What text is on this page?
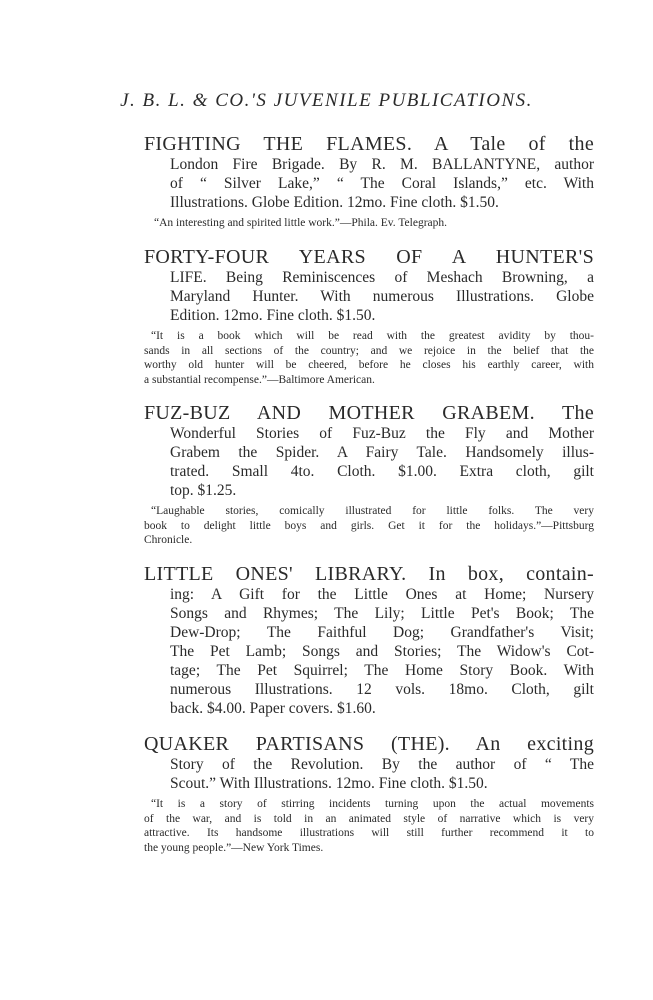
J. B. L. & CO.'S JUVENILE PUBLICATIONS.
FIGHTING THE FLAMES. A Tale of the
London Fire Brigade. By R. M. BALLANTYNE, author
of “ Silver Lake,” “ The Coral Islands,” etc. With
Illustrations. Globe Edition. 12mo. Fine cloth. $1.50.
“An interesting and spirited little work.”—Phila. Ev. Telegraph.
FORTY-FOUR YEARS OF A HUNTER'S
LIFE. Being Reminiscences of Meshach Browning, a
Maryland Hunter. With numerous Illustrations. Globe
Edition. 12mo. Fine cloth. $1.50.
“It is a book which will be read with the greatest avidity by thou-
sands in all sections of the country; and we rejoice in the belief that the
worthy old hunter will be cheered, before he closes his earthly career, with
a substantial recompense.”—Baltimore American.
FUZ-BUZ AND MOTHER GRABEM. The
Wonderful Stories of Fuz-Buz the Fly and Mother
Grabem the Spider. A Fairy Tale. Handsomely illus-
trated. Small 4to. Cloth. $1.00. Extra cloth, gilt
top. $1.25.
“Laughable stories, comically illustrated for little folks. The very
book to delight little boys and girls. Get it for the holidays.”—Pittsburg
Chronicle.
LITTLE ONES' LIBRARY. In box, contain-
ing: A Gift for the Little Ones at Home; Nursery
Songs and Rhymes; The Lily; Little Pet's Book; The
Dew-Drop; The Faithful Dog; Grandfather's Visit;
The Pet Lamb; Songs and Stories; The Widow's Cot-
tage; The Pet Squirrel; The Home Story Book. With
numerous Illustrations. 12 vols. 18mo. Cloth, gilt
back. $4.00. Paper covers. $1.60.
QUAKER PARTISANS (THE). An exciting
Story of the Revolution. By the author of “ The
Scout.” With Illustrations. 12mo. Fine cloth. $1.50.
“It is a story of stirring incidents turning upon the actual movements
of the war, and is told in an animated style of narrative which is very
attractive. Its handsome illustrations will still further recommend it to
the young people.”—New York Times.
